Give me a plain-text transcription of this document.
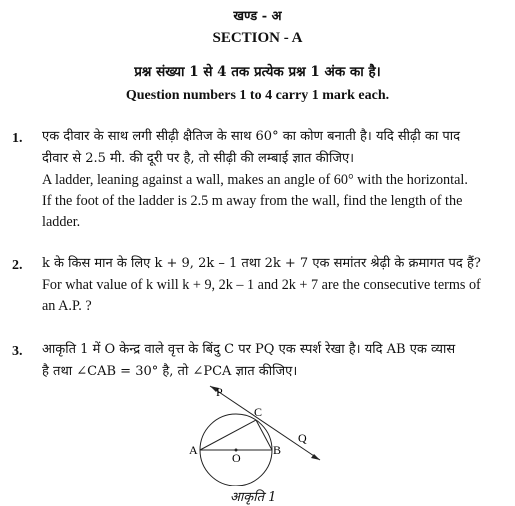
खण्ड - अ
SECTION - A
प्रश्न संख्या 1 से 4 तक प्रत्येक प्रश्न 1 अंक का है।
Question numbers 1 to 4 carry 1 mark each.
1. एक दीवार के साथ लगी सीढ़ी क्षैतिज के साथ 60° का कोण बनाती है। यदि सीढ़ी का पाद
दीवार से 2.5 मी. की दूरी पर है, तो सीढ़ी की लम्बाई ज्ञात कीजिए।
A ladder, leaning against a wall, makes an angle of 60° with the horizontal.
If the foot of the ladder is 2.5 m away from the wall, find the length of the
ladder.
2. k के किस मान के लिए k + 9, 2k – 1 तथा 2k + 7 एक समांतर श्रेढ़ी के क्रमागत पद हैं?
For what value of k will k + 9, 2k – 1 and 2k + 7 are the consecutive terms of
an A.P. ?
3. आकृति 1 में O केन्द्र वाले वृत्त के बिंदु C पर PQ एक स्पर्श रेखा है। यदि AB एक व्यास
है तथा ∠CAB = 30° है, तो ∠PCA ज्ञात कीजिए।
P
C
Q
A
O
B
आकृति 1
